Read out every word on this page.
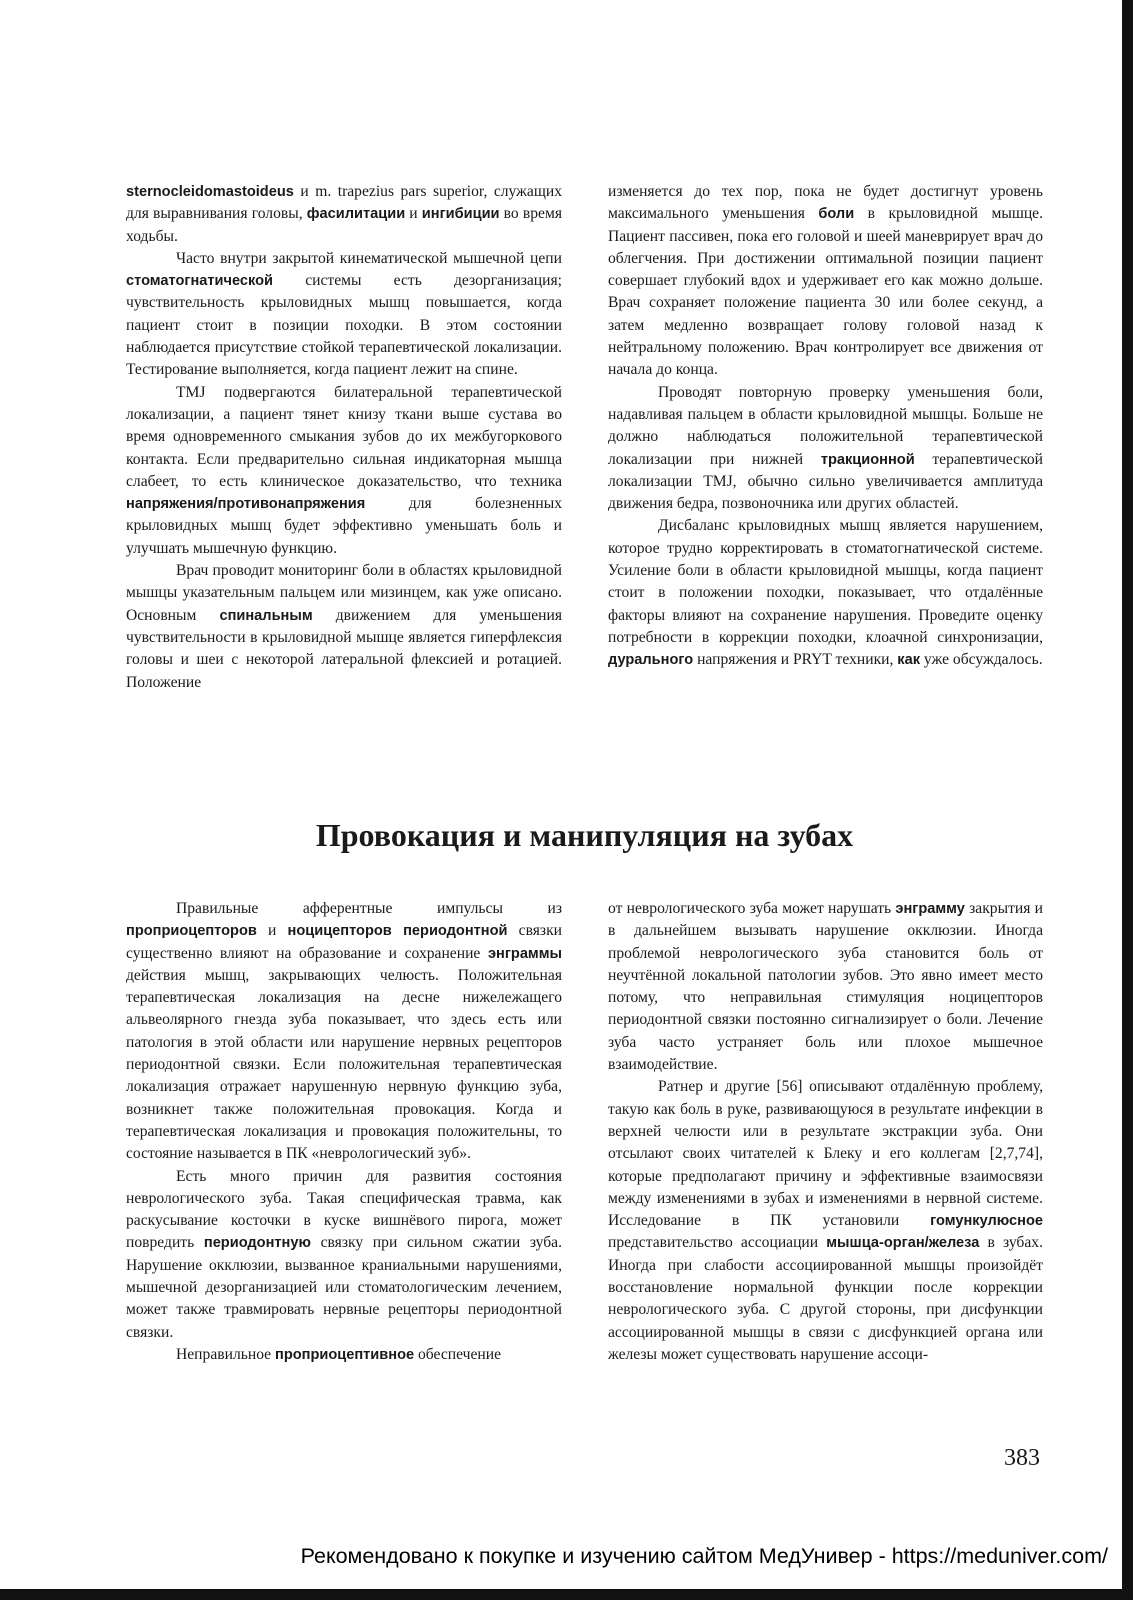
sternocleidomastoideus и m. trapezius pars superior, служащих для выравнивания головы, фасилитации и ингибиции во время ходьбы.

Часто внутри закрытой кинематической мышечной цепи стоматогнатической системы есть дезорганизация; чувствительность крыловидных мышц повышается, когда пациент стоит в позиции походки. В этом состоянии наблюдается присутствие стойкой терапевтической локализации. Тестирование выполняется, когда пациент лежит на спине.

TMJ подвергаются билатеральной терапевтической локализации, а пациент тянет книзу ткани выше сустава во время одновременного смыкания зубов до их межбугоркового контакта. Если предварительно сильная индикаторная мышца слабеет, то есть клиническое доказательство, что техника напряжения/противонапряжения для болезненных крыловидных мышц будет эффективно уменьшать боль и улучшать мышечную функцию.

Врач проводит мониторинг боли в областях крыловидной мышцы указательным пальцем или мизинцем, как уже описано. Основным спинальным движением для уменьшения чувствительности в крыловидной мышце является гиперфлексия головы и шеи с некоторой латеральной флексией и ротацией. Положение

изменяется до тех пор, пока не будет достигнут уровень максимального уменьшения боли в крыловидной мышце. Пациент пассивен, пока его головой и шеей маневрирует врач до облегчения. При достижении оптимальной позиции пациент совершает глубокий вдох и удерживает его как можно дольше. Врач сохраняет положение пациента 30 или более секунд, а затем медленно возвращает голову головой назад к нейтральному положению. Врач контролирует все движения от начала до конца.

Проводят повторную проверку уменьшения боли, надавливая пальцем в области крыловидной мышцы. Больше не должно наблюдаться положительной терапевтической локализации при нижней тракционной терапевтической локализации TMJ, обычно сильно увеличивается амплитуда движения бедра, позвоночника или других областей.

Дисбаланс крыловидных мышц является нарушением, которое трудно корректировать в стоматогнатической системе. Усиление боли в области крыловидной мышцы, когда пациент стоит в положении походки, показывает, что отдалённые факторы влияют на сохранение нарушения. Проведите оценку потребности в коррекции походки, клоачной синхронизации, дурального напряжения и PRYT техники, как уже обсуждалось.

Провокация и манипуляция на зубах

Правильные афферентные импульсы из проприоцепторов и ноцицепторов периодонтной связки существенно влияют на образование и сохранение энграммы действия мышц, закрывающих челюсть. Положительная терапевтическая локализация на десне нижележащего альвеолярного гнезда зуба показывает, что здесь есть или патология в этой области или нарушение нервных рецепторов периодонтной связки. Если положительная терапевтическая локализация отражает нарушенную нервную функцию зуба, возникнет также положительная провокация. Когда и терапевтическая локализация и провокация положительны, то состояние называется в ПК «неврологический зуб».

Есть много причин для развития состояния неврологического зуба. Такая специфическая травма, как раскусывание косточки в куске вишнёвого пирога, может повредить периодонтную связку при сильном сжатии зуба. Нарушение окклюзии, вызванное краниальными нарушениями, мышечной дезорганизацией или стоматологическим лечением, может также травмировать нервные рецепторы периодонтной связки.

Неправильное проприоцептивное обеспечение

от неврологического зуба может нарушать энграмму закрытия и в дальнейшем вызывать нарушение окклюзии. Иногда проблемой неврологического зуба становится боль от неучтённой локальной патологии зубов. Это явно имеет место потому, что неправильная стимуляция ноцицепторов периодонтной связки постоянно сигнализирует о боли. Лечение зуба часто устраняет боль или плохое мышечное взаимодействие.

Ратнер и другие [56] описывают отдалённую проблему, такую как боль в руке, развивающуюся в результате инфекции в верхней челюсти или в результате экстракции зуба. Они отсылают своих читателей к Блеку и его коллегам [2,7,74], которые предполагают причину и эффективные взаимосвязи между изменениями в зубах и изменениями в нервной системе. Исследование в ПК установили гомункулюсное представительство ассоциации мышца-орган/железа в зубах. Иногда при слабости ассоциированной мышцы произойдёт восстановление нормальной функции после коррекции неврологического зуба. С другой стороны, при дисфункции ассоциированной мышцы в связи с дисфункцией органа или железы может существовать нарушение ассоци-

383
Рекомендовано к покупке и изучению сайтом МедУнивер - https://meduniver.com/
